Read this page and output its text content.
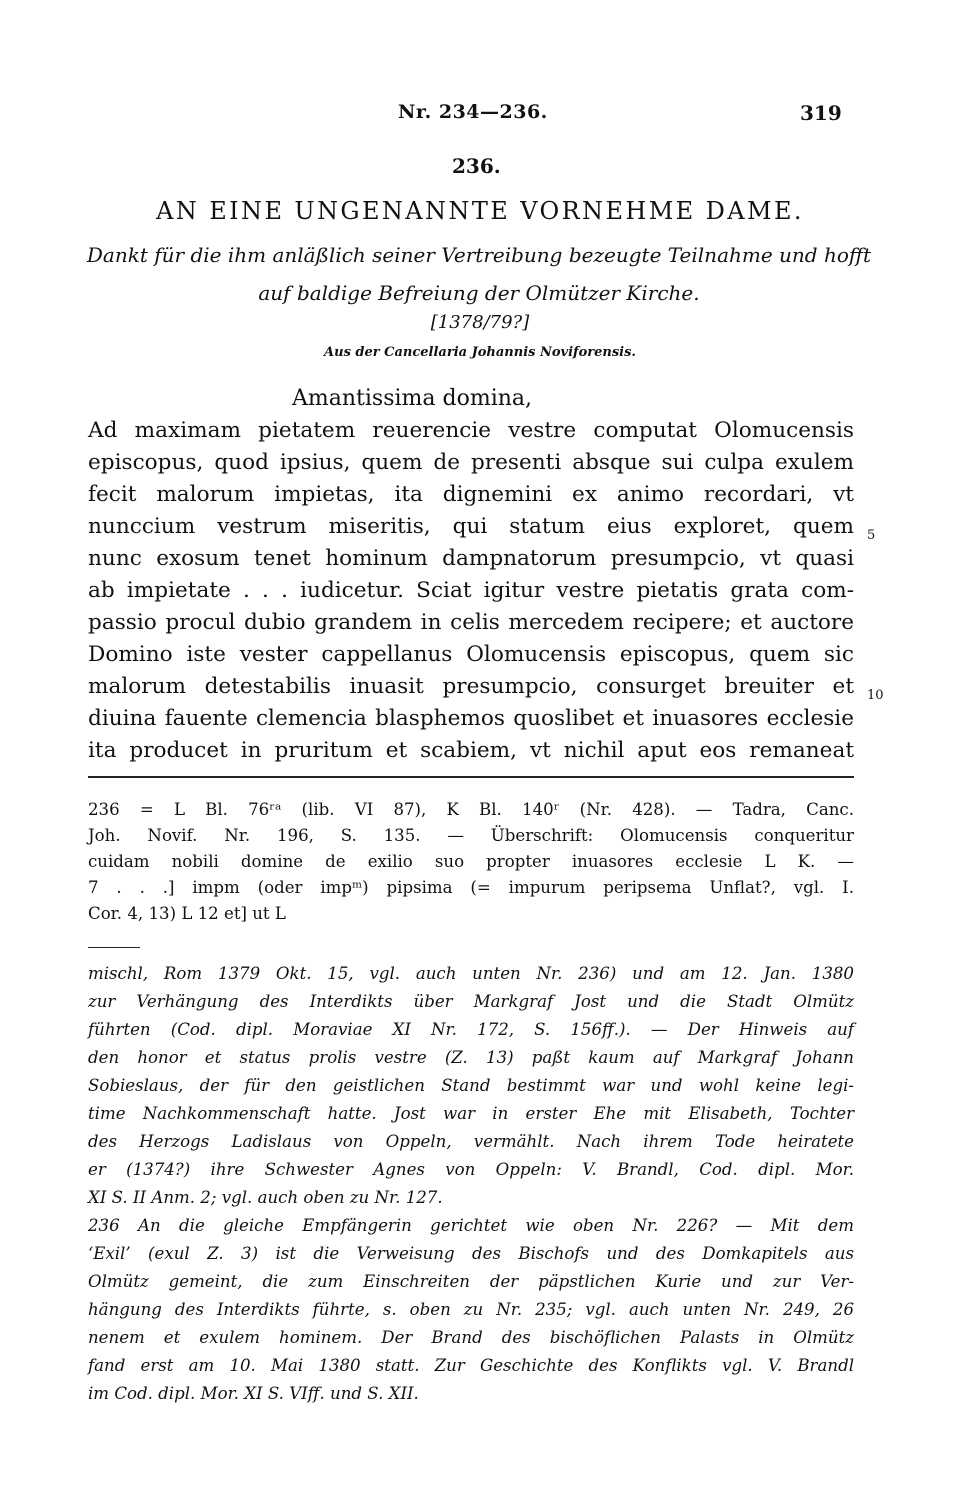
Nr. 234—236.	319
236.
AN EINE UNGENANNTE VORNEHME DAME.
Dankt für die ihm anläßlich seiner Vertreibung bezeugte Teilnahme und hofft auf baldige Befreiung der Olmützer Kirche.
[1378/79?]
Aus der Cancellaria Johannis Noviforensis.
Amantissima domina,
Ad maximam pietatem reuerencie vestre computat Olomucensis
episcopus, quod ipsius, quem de presenti absque sui culpa exulem
fecit malorum impietas, ita dignemini ex animo recordari, vt
nunccium vestrum miseritis, qui statum eius exploret, quem
nunc exosum tenet hominum dampnatorum presumpcio, vt quasi
ab impietate . . . iudicetur. Sciat igitur vestre pietatis grata com-
passio procul dubio grandem in celis mercedem recipere; et auctore
Domino iste vester cappellanus Olomucensis episcopus, quem sic
malorum detestabilis inuasit presumpcio, consurget breuiter et
diuina fauente clemencia blasphemos quoslibet et inuasores ecclesie
ita producet in pruritum et scabiem, vt nichil aput eos remaneat
5
10
236 = L Bl. 76ʳᵃ (lib. VI 87), K Bl. 140ʳ (Nr. 428). — Tadra, Canc.
Joh. Novif. Nr. 196, S. 135. — Überschrift: Olomucensis conqueritur
cuidam nobili domine de exilio suo propter inuasores ecclesie L K. —
7 . . .] impm (oder impᵐ) pipsima (= impurum peripsema Unflat?, vgl. I.
Cor. 4, 13) L 12 et] ut L
mischl, Rom 1379 Okt. 15, vgl. auch unten Nr. 236) und am 12. Jan. 1380
zur Verhängung des Interdikts über Markgraf Jost und die Stadt Olmütz
führten (Cod. dipl. Moraviae XI Nr. 172, S. 156ff.). — Der Hinweis auf
den honor et status prolis vestre (Z. 13) paßt kaum auf Markgraf Johann
Sobieslaus, der für den geistlichen Stand bestimmt war und wohl keine legi-
time Nachkommenschaft hatte. Jost war in erster Ehe mit Elisabeth, Tochter
des Herzogs Ladislaus von Oppeln, vermählt. Nach ihrem Tode heiratete
er (1374?) ihre Schwester Agnes von Oppeln: V. Brandl, Cod. dipl. Mor.
XI S. II Anm. 2; vgl. auch oben zu Nr. 127.
236 An die gleiche Empfängerin gerichtet wie oben Nr. 226? — Mit dem
‘Exil’ (exul Z. 3) ist die Verweisung des Bischofs und des Domkapitels aus
Olmütz gemeint, die zum Einschreiten der päpstlichen Kurie und zur Ver-
hängung des Interdikts führte, s. oben zu Nr. 235; vgl. auch unten Nr. 249, 26
nenem et exulem hominem. Der Brand des bischöflichen Palasts in Olmütz
fand erst am 10. Mai 1380 statt. Zur Geschichte des Konflikts vgl. V. Brandl
im Cod. dipl. Mor. XI S. VIff. und S. XII.
